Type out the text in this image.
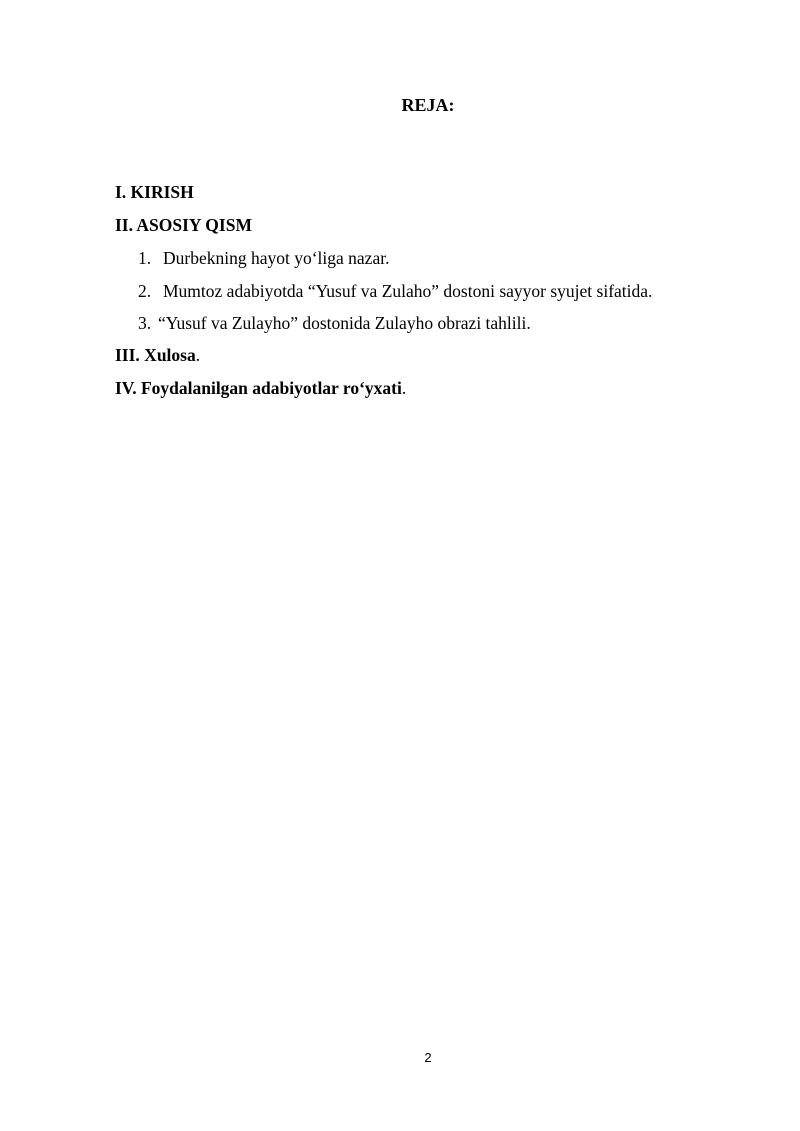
REJA:
I. KIRISH
II. ASOSIY QISM
1. Durbekning hayot yo‘liga nazar.
2. Mumtoz adabiyotda “Yusuf va Zulaho” dostoni sayyor syujet sifatida.
3. “Yusuf va Zulayho” dostonida Zulayho obrazi tahlili.
III. Xulosa.
IV. Foydalanilgan adabiyotlar ro‘yxati.
2
